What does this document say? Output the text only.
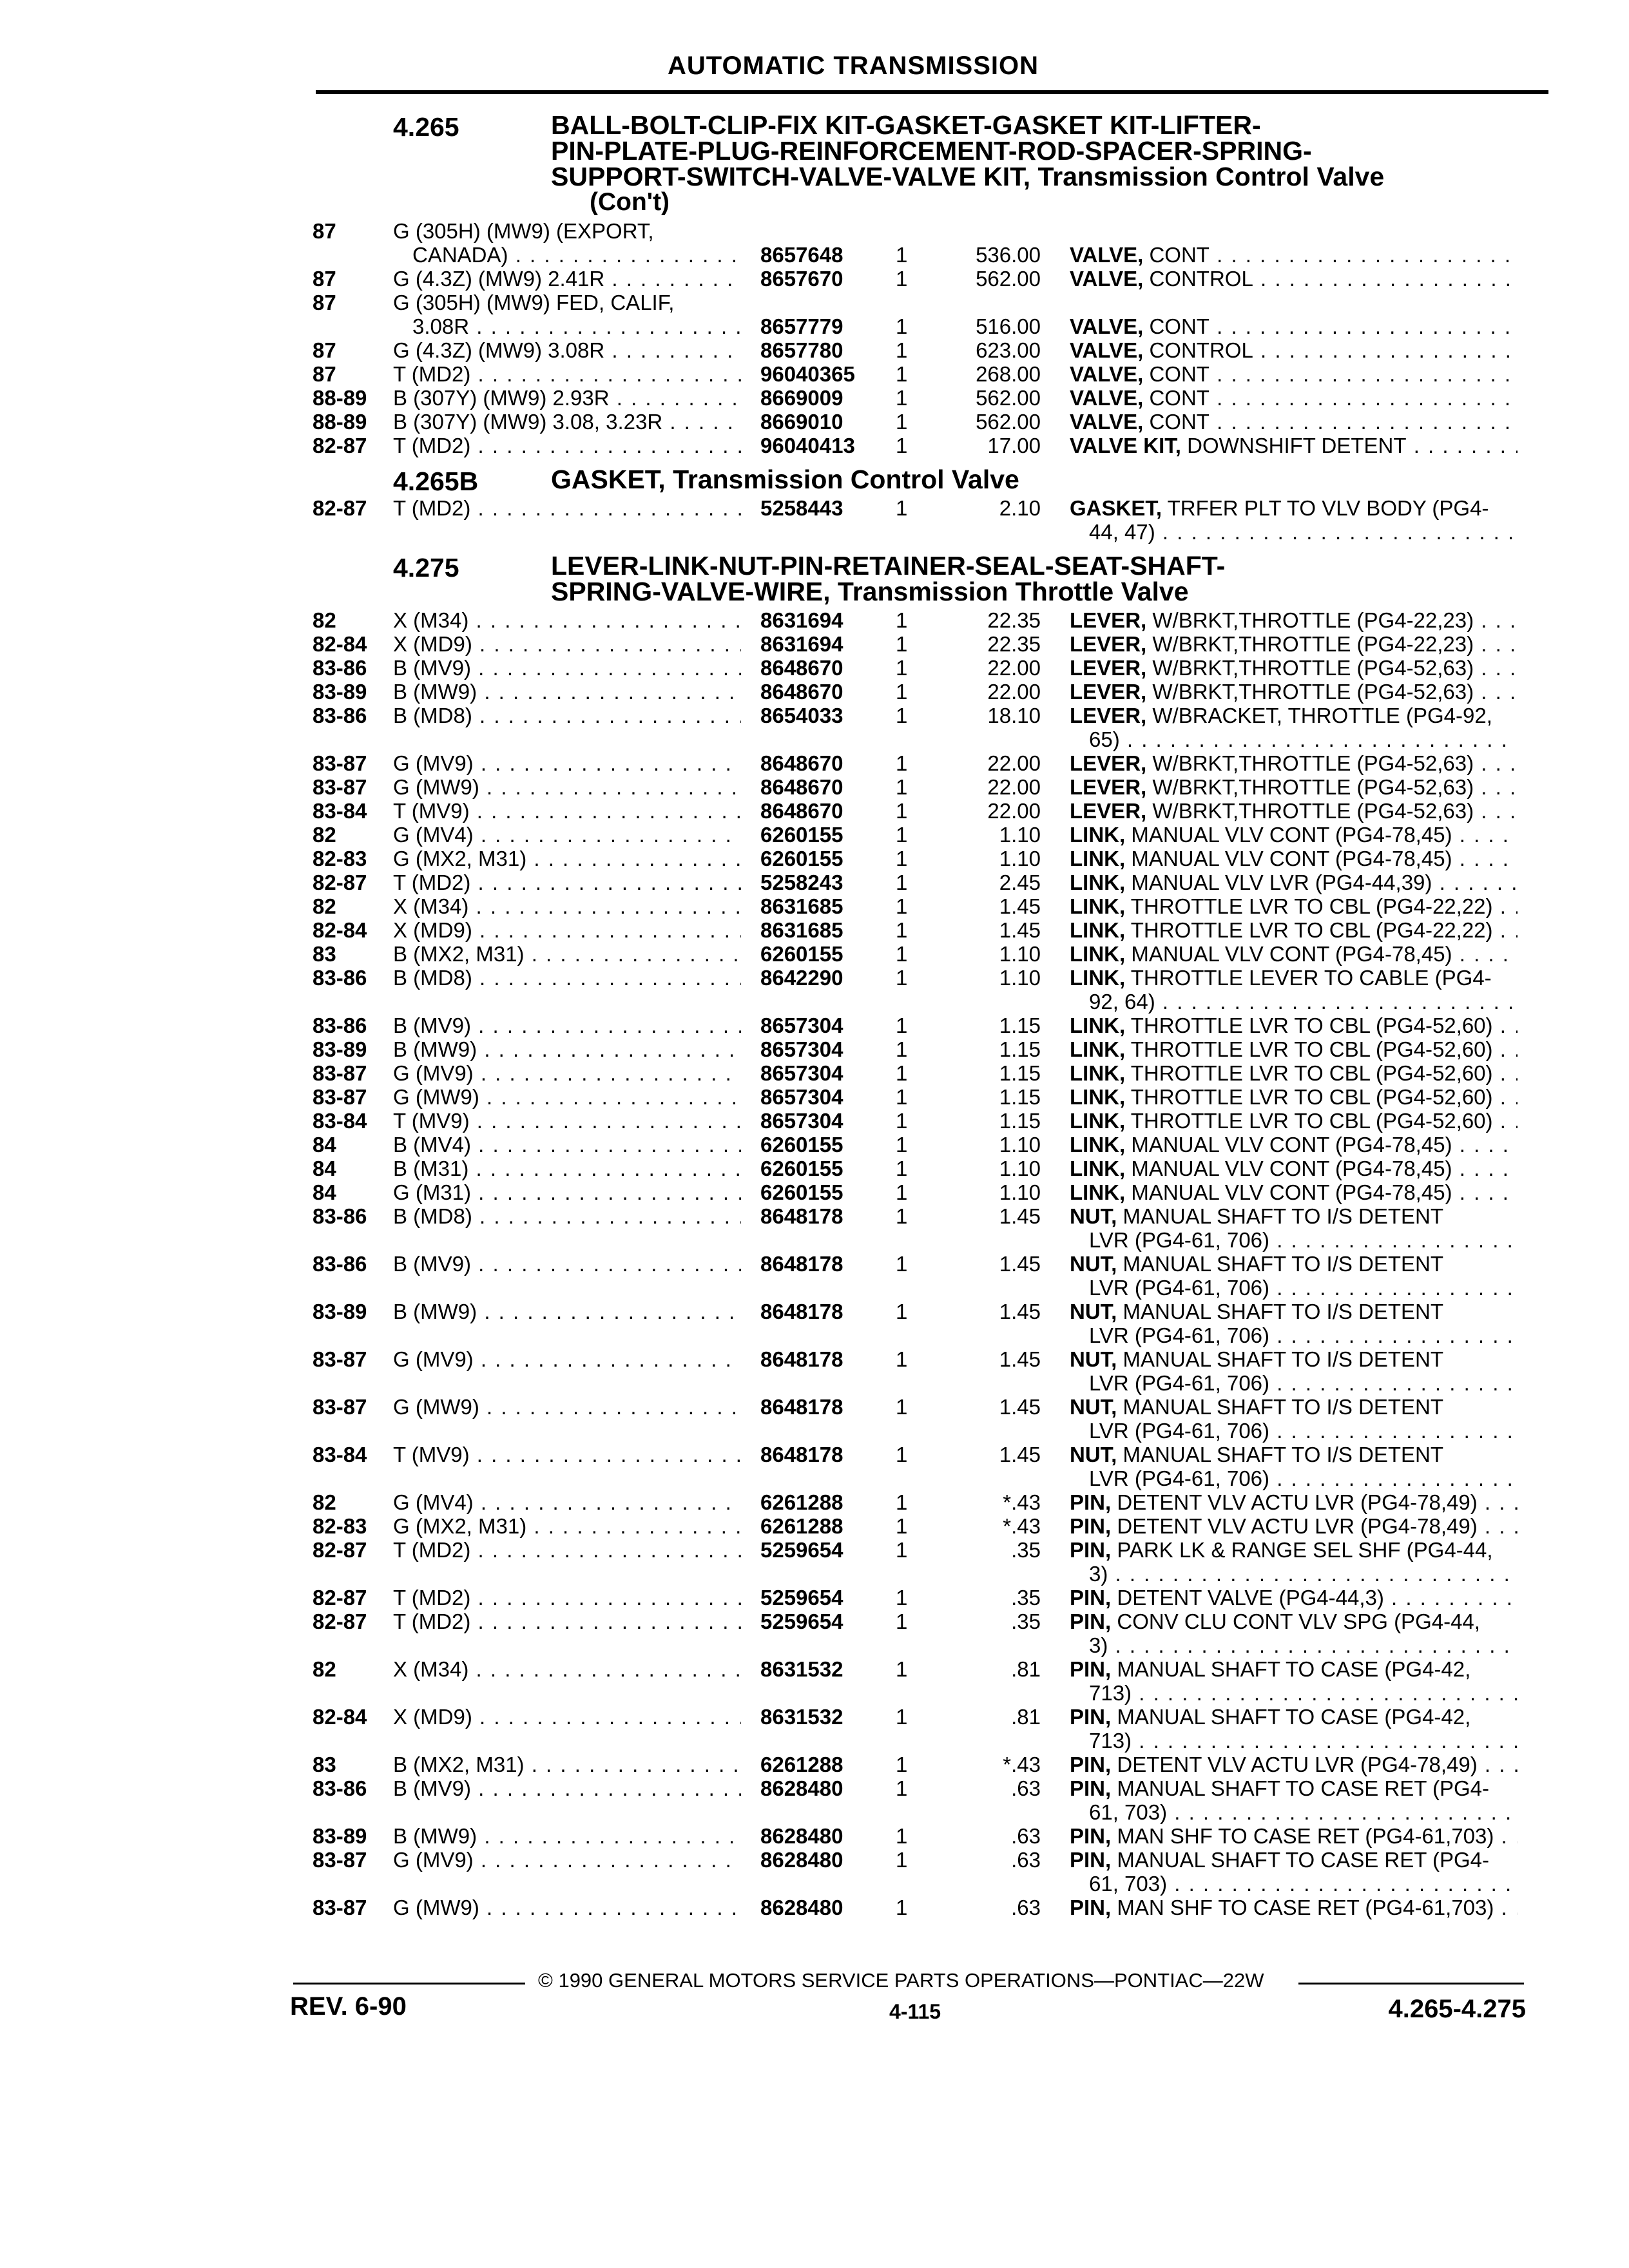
AUTOMATIC TRANSMISSION
4.265	BALL-BOLT-CLIP-FIX KIT-GASKET-GASKET KIT-LIFTER-
PIN-PLATE-PLUG-REINFORCEMENT-ROD-SPACER-SPRING-
SUPPORT-SWITCH-VALVE-VALVE KIT, Transmission Control Valve
(Con't)
87	G (305H) (MW9) (EXPORT,
CANADA) . . .	8657648 1	536.00 VALVE, CONT . . .
87	G (4.3Z) (MW9) 2.41R . . .	8657670 1	562.00 VALVE, CONTROL . . .
87	G (305H) (MW9) FED, CALIF,
3.08R . . .	8657779 1	516.00 VALVE, CONT . . .
87	G (4.3Z) (MW9) 3.08R . . .	8657780 1	623.00 VALVE, CONTROL . . .
87	T (MD2) . . .	96040365 1	268.00 VALVE, CONT . . .
88-89 B (307Y) (MW9) 2.93R . . .	8669009 1	562.00 VALVE, CONT . . .
88-89 B (307Y) (MW9) 3.08, 3.23R . . .	8669010 1	562.00 VALVE, CONT . . .
82-87 T (MD2) . . .	96040413 1	17.00 VALVE KIT, DOWNSHIFT DETENT . . .
4.265B	GASKET, Transmission Control Valve
82-87 T (MD2) . . .	5258443 1	2.10 GASKET, TRFER PLT TO VLV BODY (PG4-
44, 47) . . .
4.275	LEVER-LINK-NUT-PIN-RETAINER-SEAL-SEAT-SHAFT-
SPRING-VALVE-WIRE, Transmission Throttle Valve
82	X (M34) . . .	8631694 1	22.35 LEVER, W/BRKT,THROTTLE (PG4-22,23) . . .
82-84 X (MD9) . . .	8631694 1	22.35 LEVER, W/BRKT,THROTTLE (PG4-22,23) . . .
83-86 B (MV9) . . .	8648670 1	22.00 LEVER, W/BRKT,THROTTLE (PG4-52,63) . . .
83-89 B (MW9) . . .	8648670 1	22.00 LEVER, W/BRKT,THROTTLE (PG4-52,63) . . .
83-86 B (MD8) . . .	8654033 1	18.10 LEVER, W/BRACKET, THROTTLE (PG4-92,
65) . . .
83-87 G (MV9) . . .	8648670 1	22.00 LEVER, W/BRKT,THROTTLE (PG4-52,63) . . .
83-87 G (MW9) . . .	8648670 1	22.00 LEVER, W/BRKT,THROTTLE (PG4-52,63) . . .
83-84 T (MV9) . . .	8648670 1	22.00 LEVER, W/BRKT,THROTTLE (PG4-52,63) . . .
82	G (MV4) . . .	6260155 1	1.10 LINK, MANUAL VLV CONT (PG4-78,45) . . .
82-83 G (MX2, M31) . . .	6260155 1	1.10 LINK, MANUAL VLV CONT (PG4-78,45) . . .
82-87 T (MD2) . . .	5258243 1	2.45 LINK, MANUAL VLV LVR (PG4-44,39) . . .
82	X (M34) . . .	8631685 1	1.45 LINK, THROTTLE LVR TO CBL (PG4-22,22) . . .
82-84 X (MD9) . . .	8631685 1	1.45 LINK, THROTTLE LVR TO CBL (PG4-22,22) . . .
83	B (MX2, M31) . . .	6260155 1	1.10 LINK, MANUAL VLV CONT (PG4-78,45) . . .
83-86 B (MD8) . . .	8642290 1	1.10 LINK, THROTTLE LEVER TO CABLE (PG4-
92, 64) . . .
83-86 B (MV9) . . .	8657304 1	1.15 LINK, THROTTLE LVR TO CBL (PG4-52,60) . . .
83-89 B (MW9) . . .	8657304 1	1.15 LINK, THROTTLE LVR TO CBL (PG4-52,60) . . .
83-87 G (MV9) . . .	8657304 1	1.15 LINK, THROTTLE LVR TO CBL (PG4-52,60) . . .
83-87 G (MW9) . . .	8657304 1	1.15 LINK, THROTTLE LVR TO CBL (PG4-52,60) . . .
83-84 T (MV9) . . .	8657304 1	1.15 LINK, THROTTLE LVR TO CBL (PG4-52,60) . . .
84	B (MV4) . . .	6260155 1	1.10 LINK, MANUAL VLV CONT (PG4-78,45) . . .
84	B (M31) . . .	6260155 1	1.10 LINK, MANUAL VLV CONT (PG4-78,45) . . .
84	G (M31) . . .	6260155 1	1.10 LINK, MANUAL VLV CONT (PG4-78,45) . . .
83-86 B (MD8) . . .	8648178 1	1.45 NUT, MANUAL SHAFT TO I/S DETENT
LVR (PG4-61, 706) . . .
83-86 B (MV9) . . .	8648178 1	1.45 NUT, MANUAL SHAFT TO I/S DETENT
LVR (PG4-61, 706) . . .
83-89 B (MW9) . . .	8648178 1	1.45 NUT, MANUAL SHAFT TO I/S DETENT
LVR (PG4-61, 706) . . .
83-87 G (MV9) . . .	8648178 1	1.45 NUT, MANUAL SHAFT TO I/S DETENT
LVR (PG4-61, 706) . . .
83-87 G (MW9) . . .	8648178 1	1.45 NUT, MANUAL SHAFT TO I/S DETENT
LVR (PG4-61, 706) . . .
83-84 T (MV9) . . .	8648178 1	1.45 NUT, MANUAL SHAFT TO I/S DETENT
LVR (PG4-61, 706) . . .
82	G (MV4) . . .	6261288 1	*.43 PIN, DETENT VLV ACTU LVR (PG4-78,49) . . .
82-83 G (MX2, M31) . . .	6261288 1	*.43 PIN, DETENT VLV ACTU LVR (PG4-78,49) . . .
82-87 T (MD2) . . .	5259654 1	.35 PIN, PARK LK & RANGE SEL SHF (PG4-44,
3) . . .
82-87 T (MD2) . . .	5259654 1	.35 PIN, DETENT VALVE (PG4-44,3) . . .
82-87 T (MD2) . . .	5259654 1	.35 PIN, CONV CLU CONT VLV SPG (PG4-44,
3) . . .
82	X (M34) . . .	8631532 1	.81 PIN, MANUAL SHAFT TO CASE (PG4-42,
713) . . .
82-84 X (MD9) . . .	8631532 1	.81 PIN, MANUAL SHAFT TO CASE (PG4-42,
713) . . .
83	B (MX2, M31) . . .	6261288 1	*.43 PIN, DETENT VLV ACTU LVR (PG4-78,49) . . .
83-86 B (MV9) . . .	8628480 1	.63 PIN, MANUAL SHAFT TO CASE RET (PG4-
61, 703) . . .
83-89 B (MW9) . . .	8628480 1	.63 PIN, MAN SHF TO CASE RET (PG4-61,703) . . .
83-87 G (MV9) . . .	8628480 1	.63 PIN, MANUAL SHAFT TO CASE RET (PG4-
61, 703) . . .
83-87 G (MW9) . . .	8628480 1	.63 PIN, MAN SHF TO CASE RET (PG4-61,703) . . .
© 1990 GENERAL MOTORS SERVICE PARTS OPERATIONS—PONTIAC—22W
REV. 6-90	4-115	4.265-4.275
